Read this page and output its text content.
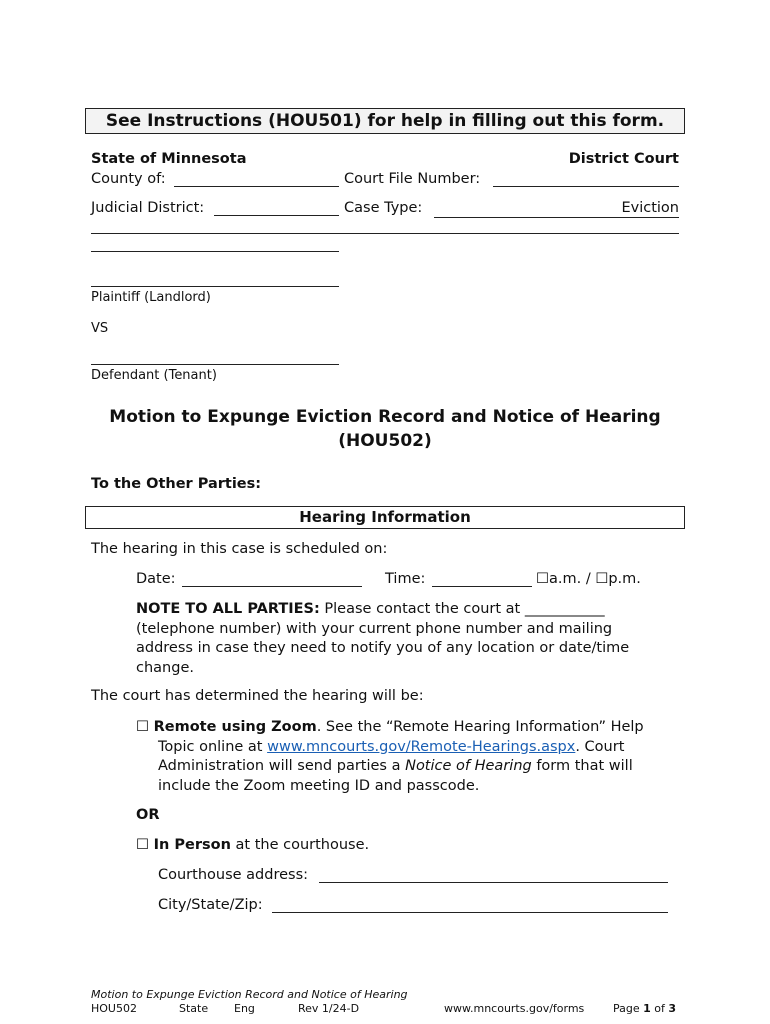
See Instructions (HOU501) for help in filling out this form.
State of Minnesota	District Court
County of:	Court File Number:
Judicial District:	Case Type:	Eviction
Plaintiff (Landlord)
VS
Defendant (Tenant)
Motion to Expunge Eviction Record and Notice of Hearing
(HOU502)
To the Other Parties:
Hearing Information
The hearing in this case is scheduled on:
Date:	Time:	☐a.m. / ☐p.m.
NOTE TO ALL PARTIES: Please contact the court at ___________
(telephone number) with your current phone number and mailing
address in case they need to notify you of any location or date/time
change.
The court has determined the hearing will be:
☐ Remote using Zoom. See the “Remote Hearing Information” Help
Topic online at www.mncourts.gov/Remote-Hearings.aspx. Court
Administration will send parties a Notice of Hearing form that will
include the Zoom meeting ID and passcode.
OR
☐ In Person at the courthouse.
Courthouse address:
City/State/Zip:
Motion to Expunge Eviction Record and Notice of Hearing
HOU502	State Eng	Rev 1/24-D	www.mncourts.gov/forms	Page 1 of 3
